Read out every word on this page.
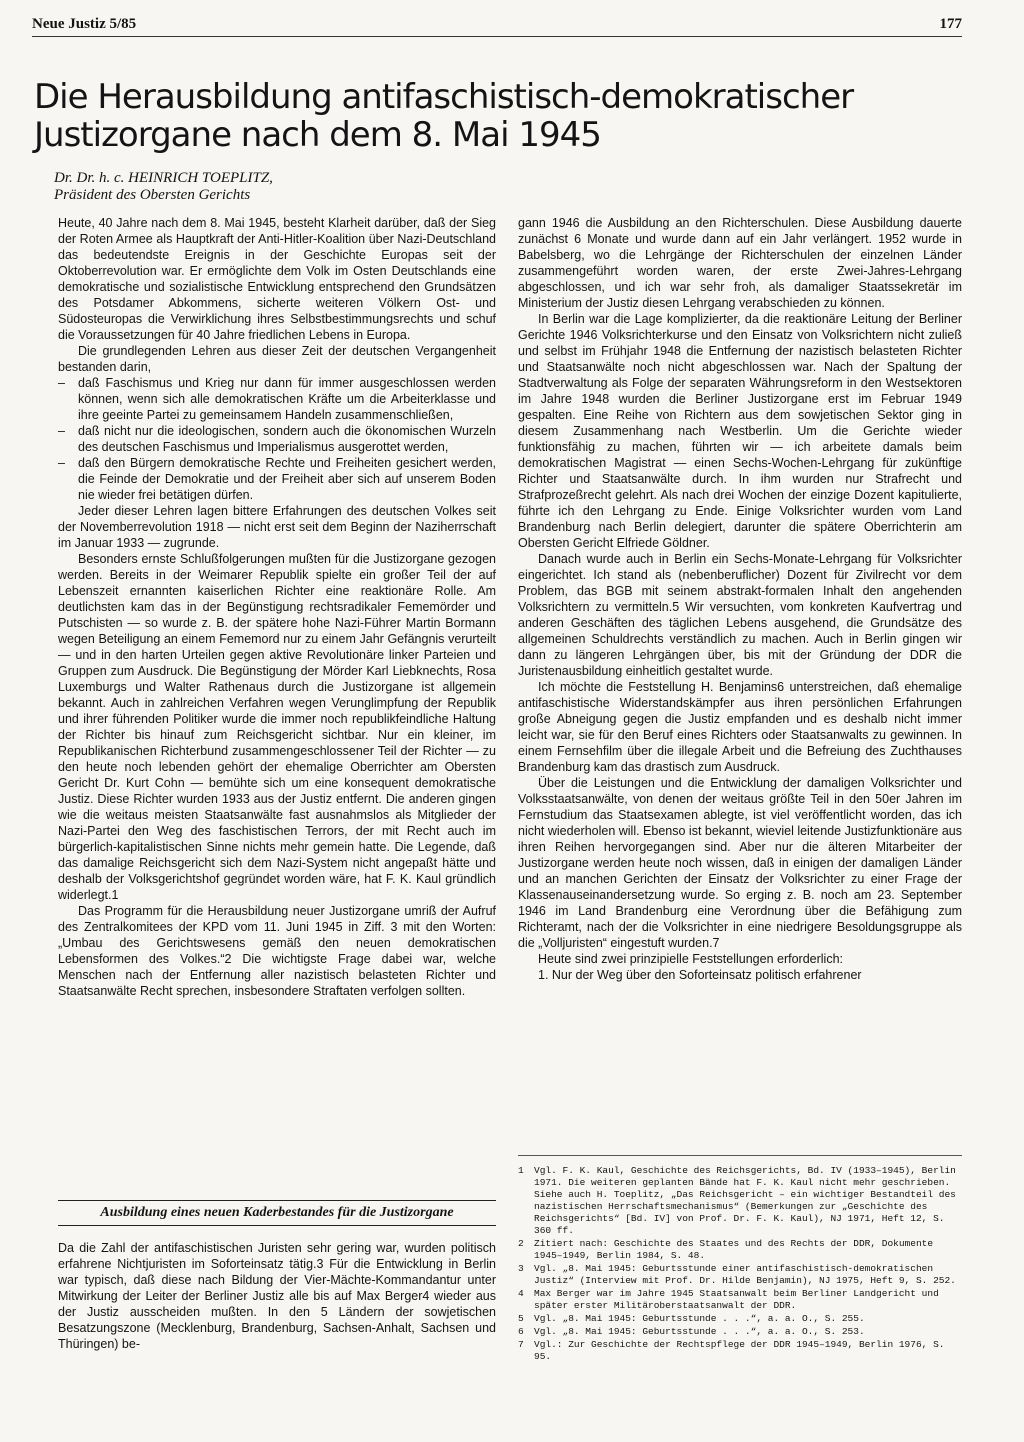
Neue Justiz 5/85	177
Die Herausbildung antifaschistisch-demokratischer Justizorgane nach dem 8. Mai 1945
Dr. Dr. h. c. HEINRICH TOEPLITZ,
Präsident des Obersten Gerichts

Heute, 40 Jahre nach dem 8. Mai 1945, besteht Klarheit darüber, daß der Sieg der Roten Armee als Hauptkraft der Anti-Hitler-Koalition über Nazi-Deutschland das bedeutendste Ereignis in der Geschichte Europas seit der Oktoberrevolution war. Er ermöglichte dem Volk im Osten Deutschlands eine demokratische und sozialistische Entwicklung entsprechend den Grundsätzen des Potsdamer Abkommens, sicherte weiteren Völkern Ost- und Südosteuropas die Verwirklichung ihres Selbstbestimmungsrechts und schuf die Voraussetzungen für 40 Jahre friedlichen Lebens in Europa.

Die grundlegenden Lehren aus dieser Zeit der deutschen Vergangenheit bestanden darin,

– daß Faschismus und Krieg nur dann für immer ausgeschlossen werden können, wenn sich alle demokratischen Kräfte um die Arbeiterklasse und ihre geeinte Partei zu gemeinsamem Handeln zusammenschließen,
– daß nicht nur die ideologischen, sondern auch die ökonomischen Wurzeln des deutschen Faschismus und Imperialismus ausgerottet werden,
– daß den Bürgern demokratische Rechte und Freiheiten gesichert werden, die Feinde der Demokratie und der Freiheit aber sich auf unserem Boden nie wieder frei betätigen dürfen.

Jeder dieser Lehren lagen bittere Erfahrungen des deutschen Volkes seit der Novemberrevolution 1918 — nicht erst seit dem Beginn der Naziherrschaft im Januar 1933 — zugrunde.

Besonders ernste Schlußfolgerungen mußten für die Justizorgane gezogen werden. Bereits in der Weimarer Republik spielte ein großer Teil der auf Lebenszeit ernannten kaiserlichen Richter eine reaktionäre Rolle. Am deutlichsten kam das in der Begünstigung rechtsradikaler Fememörder und Putschisten — so wurde z. B. der spätere hohe Nazi-Führer Martin Bormann wegen Beteiligung an einem Fememord nur zu einem Jahr Gefängnis verurteilt — und in den harten Urteilen gegen aktive Revolutionäre linker Parteien und Gruppen zum Ausdruck. Die Begünstigung der Mörder Karl Liebknechts, Rosa Luxemburgs und Walter Rathenaus durch die Justizorgane ist allgemein bekannt. Auch in zahlreichen Verfahren wegen Verunglimpfung der Republik und ihrer führenden Politiker wurde die immer noch republikfeindliche Haltung der Richter bis hinauf zum Reichsgericht sichtbar. Nur ein kleiner, im Republikanischen Richterbund zusammengeschlossener Teil der Richter — zu den heute noch lebenden gehört der ehemalige Oberrichter am Obersten Gericht Dr. Kurt Cohn — bemühte sich um eine konsequent demokratische Justiz. Diese Richter wurden 1933 aus der Justiz entfernt. Die anderen gingen wie die weitaus meisten Staatsanwälte fast ausnahmslos als Mitglieder der Nazi-Partei den Weg des faschistischen Terrors, der mit Recht auch im bürgerlich-kapitalistischen Sinne nichts mehr gemein hatte. Die Legende, daß das damalige Reichsgericht sich dem Nazi-System nicht angepaßt hätte und deshalb der Volksgerichtshof gegründet worden wäre, hat F. K. Kaul gründlich widerlegt.1

Das Programm für die Herausbildung neuer Justizorgane umriß der Aufruf des Zentralkomitees der KPD vom 11. Juni 1945 in Ziff. 3 mit den Worten: „Umbau des Gerichtswesens gemäß den neuen demokratischen Lebensformen des Volkes.“2 Die wichtigste Frage dabei war, welche Menschen nach der Entfernung aller nazistisch belasteten Richter und Staatsanwälte Recht sprechen, insbesondere Straftaten verfolgen sollten.

Ausbildung eines neuen Kaderbestandes für die Justizorgane

Da die Zahl der antifaschistischen Juristen sehr gering war, wurden politisch erfahrene Nichtjuristen im Soforteinsatz tätig.3 Für die Entwicklung in Berlin war typisch, daß diese nach Bildung der Vier-Mächte-Kommandantur unter Mitwirkung der Leiter der Berliner Justiz alle bis auf Max Berger4 wieder aus der Justiz ausscheiden mußten. In den 5 Ländern der sowjetischen Besatzungszone (Mecklenburg, Brandenburg, Sachsen-Anhalt, Sachsen und Thüringen) be-

gann 1946 die Ausbildung an den Richterschulen. Diese Ausbildung dauerte zunächst 6 Monate und wurde dann auf ein Jahr verlängert. 1952 wurde in Babelsberg, wo die Lehrgänge der Richterschulen der einzelnen Länder zusammengeführt worden waren, der erste Zwei-Jahres-Lehrgang abgeschlossen, und ich war sehr froh, als damaliger Staatssekretär im Ministerium der Justiz diesen Lehrgang verabschieden zu können.

In Berlin war die Lage komplizierter, da die reaktionäre Leitung der Berliner Gerichte 1946 Volksrichterkurse und den Einsatz von Volksrichtern nicht zuließ und selbst im Frühjahr 1948 die Entfernung der nazistisch belasteten Richter und Staatsanwälte noch nicht abgeschlossen war. Nach der Spaltung der Stadtverwaltung als Folge der separaten Währungsreform in den Westsektoren im Jahre 1948 wurden die Berliner Justizorgane erst im Februar 1949 gespalten. Eine Reihe von Richtern aus dem sowjetischen Sektor ging in diesem Zusammenhang nach Westberlin. Um die Gerichte wieder funktionsfähig zu machen, führten wir — ich arbeitete damals beim demokratischen Magistrat — einen Sechs-Wochen-Lehrgang für zukünftige Richter und Staatsanwälte durch. In ihm wurden nur Strafrecht und Strafprozeßrecht gelehrt. Als nach drei Wochen der einzige Dozent kapitulierte, führte ich den Lehrgang zu Ende. Einige Volksrichter wurden vom Land Brandenburg nach Berlin delegiert, darunter die spätere Oberrichterin am Obersten Gericht Elfriede Göldner.

Danach wurde auch in Berlin ein Sechs-Monate-Lehrgang für Volksrichter eingerichtet. Ich stand als (nebenberuflicher) Dozent für Zivilrecht vor dem Problem, das BGB mit seinem abstrakt-formalen Inhalt den angehenden Volksrichtern zu vermitteln.5 Wir versuchten, vom konkreten Kaufvertrag und anderen Geschäften des täglichen Lebens ausgehend, die Grundsätze des allgemeinen Schuldrechts verständlich zu machen. Auch in Berlin gingen wir dann zu längeren Lehrgängen über, bis mit der Gründung der DDR die Juristenausbildung einheitlich gestaltet wurde.

Ich möchte die Feststellung H. Benjamins6 unterstreichen, daß ehemalige antifaschistische Widerstandskämpfer aus ihren persönlichen Erfahrungen große Abneigung gegen die Justiz empfanden und es deshalb nicht immer leicht war, sie für den Beruf eines Richters oder Staatsanwalts zu gewinnen. In einem Fernsehfilm über die illegale Arbeit und die Befreiung des Zuchthauses Brandenburg kam das drastisch zum Ausdruck.

Über die Leistungen und die Entwicklung der damaligen Volksrichter und Volksstaatsanwälte, von denen der weitaus größte Teil in den 50er Jahren im Fernstudium das Staatsexamen ablegte, ist viel veröffentlicht worden, das ich nicht wiederholen will. Ebenso ist bekannt, wieviel leitende Justizfunktionäre aus ihren Reihen hervorgegangen sind. Aber nur die älteren Mitarbeiter der Justizorgane werden heute noch wissen, daß in einigen der damaligen Länder und an manchen Gerichten der Einsatz der Volksrichter zu einer Frage der Klassenauseinandersetzung wurde. So erging z. B. noch am 23. September 1946 im Land Brandenburg eine Verordnung über die Befähigung zum Richteramt, nach der die Volksrichter in eine niedrigere Besoldungsgruppe als die „Volljuristen“ eingestuft wurden.7

Heute sind zwei prinzipielle Feststellungen erforderlich:

1. Nur der Weg über den Soforteinsatz politisch erfahrener

1	Vgl. F. K. Kaul, Geschichte des Reichsgerichts, Bd. IV (1933–1945), Berlin 1971. Die weiteren geplanten Bände hat F. K. Kaul nicht mehr geschrieben. Siehe auch H. Toeplitz, „Das Reichsgericht – ein wichtiger Bestandteil des nazistischen Herrschaftsmechanismus“ (Bemerkungen zur „Geschichte des Reichsgerichts“ [Bd. IV] von Prof. Dr. F. K. Kaul), NJ 1971, Heft 12, S. 360 ff.
2	Zitiert nach: Geschichte des Staates und des Rechts der DDR, Dokumente 1945–1949, Berlin 1984, S. 48.
3	Vgl. „8. Mai 1945: Geburtsstunde einer antifaschistisch-demokratischen Justiz“ (Interview mit Prof. Dr. Hilde Benjamin), NJ 1975, Heft 9, S. 252.
4	Max Berger war im Jahre 1945 Staatsanwalt beim Berliner Landgericht und später erster Militäroberstaatsanwalt der DDR.
5	Vgl. „8. Mai 1945: Geburtsstunde . . .“, a. a. O., S. 255.
6	Vgl. „8. Mai 1945: Geburtsstunde . . .“, a. a. O., S. 253.
7	Vgl.: Zur Geschichte der Rechtspflege der DDR 1945–1949, Berlin 1976, S. 95.
